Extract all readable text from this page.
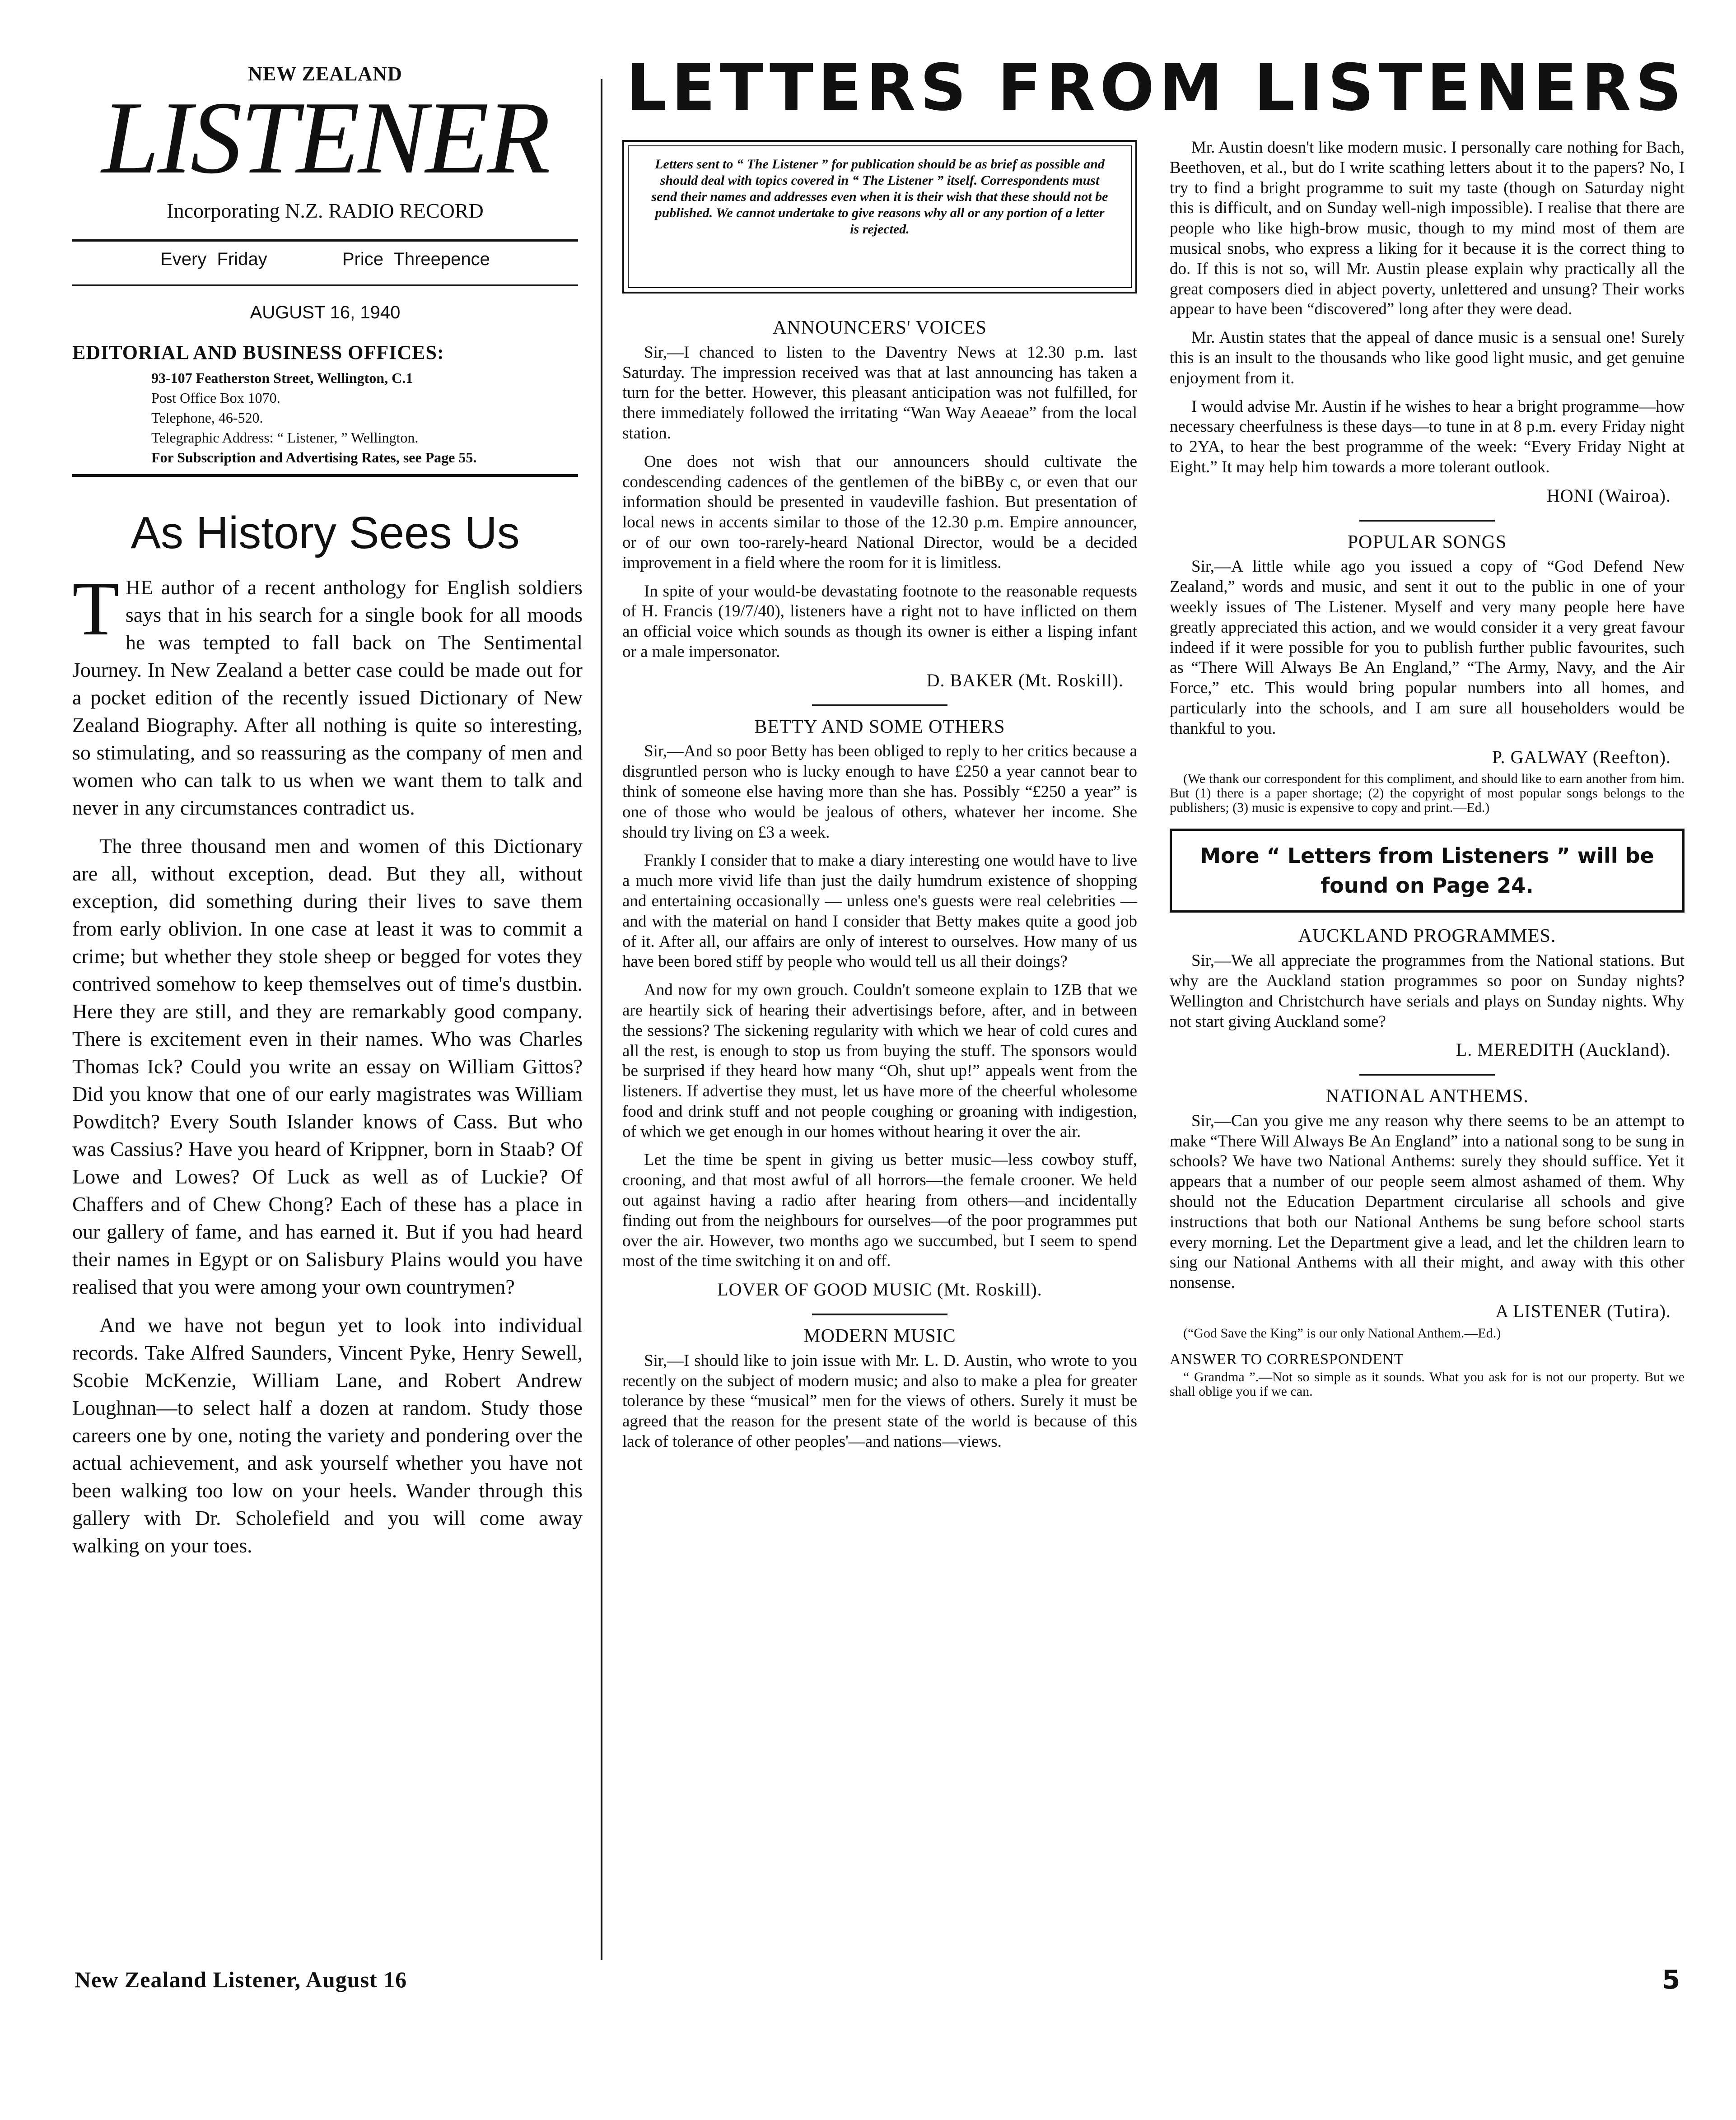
NEW ZEALAND
LISTENER
Incorporating N.Z. RADIO RECORD
Every Friday	Price Threepence
AUGUST 16, 1940
EDITORIAL AND BUSINESS OFFICES:
93-107 Featherston Street, Wellington, C.1
Post Office Box 1070.
Telephone, 46-520.
Telegraphic Address: “ Listener, ” Wellington.
For Subscription and Advertising Rates, see Page 55.
As History Sees Us

THE author of a recent anthology for English soldiers says that in his search for a single book for all moods he was tempted to fall back on The Sentimental Journey. In New Zealand a better case could be made out for a pocket edition of the recently issued Dictionary of New Zealand Biography. After all nothing is quite so interesting, so stimulating, and so reassuring as the company of men and women who can talk to us when we want them to talk and never in any circumstances contradict us.

The three thousand men and women of this Dictionary are all, without exception, dead. But they all, without exception, did something during their lives to save them from early oblivion. In one case at least it was to commit a crime; but whether they stole sheep or begged for votes they contrived somehow to keep themselves out of time's dustbin. Here they are still, and they are remarkably good company. There is excitement even in their names. Who was Charles Thomas Ick? Could you write an essay on William Gittos? Did you know that one of our early magistrates was William Powditch? Every South Islander knows of Cass. But who was Cassius? Have you heard of Krippner, born in Staab? Of Lowe and Lowes? Of Luck as well as of Luckie? Of Chaffers and of Chew Chong? Each of these has a place in our gallery of fame, and has earned it. But if you had heard their names in Egypt or on Salisbury Plains would you have realised that you were among your own countrymen?

And we have not begun yet to look into individual records. Take Alfred Saunders, Vincent Pyke, Henry Sewell, Scobie McKenzie, William Lane, and Robert Andrew Loughnan—to select half a dozen at random. Study those careers one by one, noting the variety and pondering over the actual achievement, and ask yourself whether you have not been walking too low on your heels. Wander through this gallery with Dr. Scholefield and you will come away walking on your toes.

LETTERS FROM LISTENERS
Letters sent to “ The Listener ” for publication should be as brief as possible and should deal with topics covered in “ The Listener ” itself. Correspondents must send their names and addresses even when it is their wish that these should not be published. We cannot undertake to give reasons why all or any portion of a letter is rejected.

ANNOUNCERS' VOICES

Sir,—I chanced to listen to the Daventry News at 12.30 p.m. last Saturday. The impression received was that at last announcing has taken a turn for the better. However, this pleasant anticipation was not fulfilled, for there immediately followed the irritating “Wan Way Aeaeae” from the local station.

One does not wish that our announcers should cultivate the condescending cadences of the gentlemen of the biBBy c, or even that our information should be presented in vaudeville fashion. But presentation of local news in accents similar to those of the 12.30 p.m. Empire announcer, or of our own too-rarely-heard National Director, would be a decided improvement in a field where the room for it is limitless.

In spite of your would-be devastating footnote to the reasonable requests of H. Francis (19/7/40), listeners have a right not to have inflicted on them an official voice which sounds as though its owner is either a lisping infant or a male impersonator.

D. BAKER (Mt. Roskill).

BETTY AND SOME OTHERS

Sir,—And so poor Betty has been obliged to reply to her critics because a disgruntled person who is lucky enough to have £250 a year cannot bear to think of someone else having more than she has. Possibly “£250 a year” is one of those who would be jealous of others, whatever her income. She should try living on £3 a week.

Frankly I consider that to make a diary interesting one would have to live a much more vivid life than just the daily humdrum existence of shopping and entertaining occasionally — unless one's guests were real celebrities — and with the material on hand I consider that Betty makes quite a good job of it. After all, our affairs are only of interest to ourselves. How many of us have been bored stiff by people who would tell us all their doings?

And now for my own grouch. Couldn't someone explain to 1ZB that we are heartily sick of hearing their advertisings before, after, and in between the sessions? The sickening regularity with which we hear of cold cures and all the rest, is enough to stop us from buying the stuff. The sponsors would be surprised if they heard how many “Oh, shut up!” appeals went from the listeners. If advertise they must, let us have more of the cheerful wholesome food and drink stuff and not people coughing or groaning with indigestion, of which we get enough in our homes without hearing it over the air.

Let the time be spent in giving us better music—less cowboy stuff, crooning, and that most awful of all horrors—the female crooner. We held out against having a radio after hearing from others—and incidentally finding out from the neighbours for ourselves—of the poor programmes put over the air. However, two months ago we succumbed, but I seem to spend most of the time switching it on and off.

LOVER OF GOOD MUSIC (Mt. Roskill).

MODERN MUSIC

Sir,—I should like to join issue with Mr. L. D. Austin, who wrote to you recently on the subject of modern music; and also to make a plea for greater tolerance by these “musical” men for the views of others. Surely it must be agreed that the reason for the present state of the world is because of this lack of tolerance of other peoples'—and nations—views.

Mr. Austin doesn't like modern music. I personally care nothing for Bach, Beethoven, et al., but do I write scathing letters about it to the papers? No, I try to find a bright programme to suit my taste (though on Saturday night this is difficult, and on Sunday well-nigh impossible). I realise that there are people who like high-brow music, though to my mind most of them are musical snobs, who express a liking for it because it is the correct thing to do. If this is not so, will Mr. Austin please explain why practically all the great composers died in abject poverty, unlettered and unsung? Their works appear to have been “discovered” long after they were dead.

Mr. Austin states that the appeal of dance music is a sensual one! Surely this is an insult to the thousands who like good light music, and get genuine enjoyment from it.

I would advise Mr. Austin if he wishes to hear a bright programme—how necessary cheerfulness is these days—to tune in at 8 p.m. every Friday night to 2YA, to hear the best programme of the week: “Every Friday Night at Eight.” It may help him towards a more tolerant outlook.

HONI (Wairoa).

POPULAR SONGS

Sir,—A little while ago you issued a copy of “God Defend New Zealand,” words and music, and sent it out to the public in one of your weekly issues of The Listener. Myself and very many people here have greatly appreciated this action, and we would consider it a very great favour indeed if it were possible for you to publish further public favourites, such as “There Will Always Be An England,” “The Army, Navy, and the Air Force,” etc. This would bring popular numbers into all homes, and particularly into the schools, and I am sure all householders would be thankful to you.

P. GALWAY (Reefton).

(We thank our correspondent for this compliment, and should like to earn another from him. But (1) there is a paper shortage; (2) the copyright of most popular songs belongs to the publishers; (3) music is expensive to copy and print.—Ed.)

More “ Letters from Listeners ” will be found on Page 24.

AUCKLAND PROGRAMMES.

Sir,—We all appreciate the programmes from the National stations. But why are the Auckland station programmes so poor on Sunday nights? Wellington and Christchurch have serials and plays on Sunday nights. Why not start giving Auckland some?

L. MEREDITH (Auckland).

NATIONAL ANTHEMS.

Sir,—Can you give me any reason why there seems to be an attempt to make “There Will Always Be An England” into a national song to be sung in schools? We have two National Anthems: surely they should suffice. Yet it appears that a number of our people seem almost ashamed of them. Why should not the Education Department circularise all schools and give instructions that both our National Anthems be sung before school starts every morning. Let the Department give a lead, and let the children learn to sing our National Anthems with all their might, and away with this other nonsense.

A LISTENER (Tutira).

(“God Save the King” is our only National Anthem.—Ed.)

ANSWER TO CORRESPONDENT

“ Grandma ”.—Not so simple as it sounds. What you ask for is not our property. But we shall oblige you if we can.

New Zealand Listener, August 16	5
